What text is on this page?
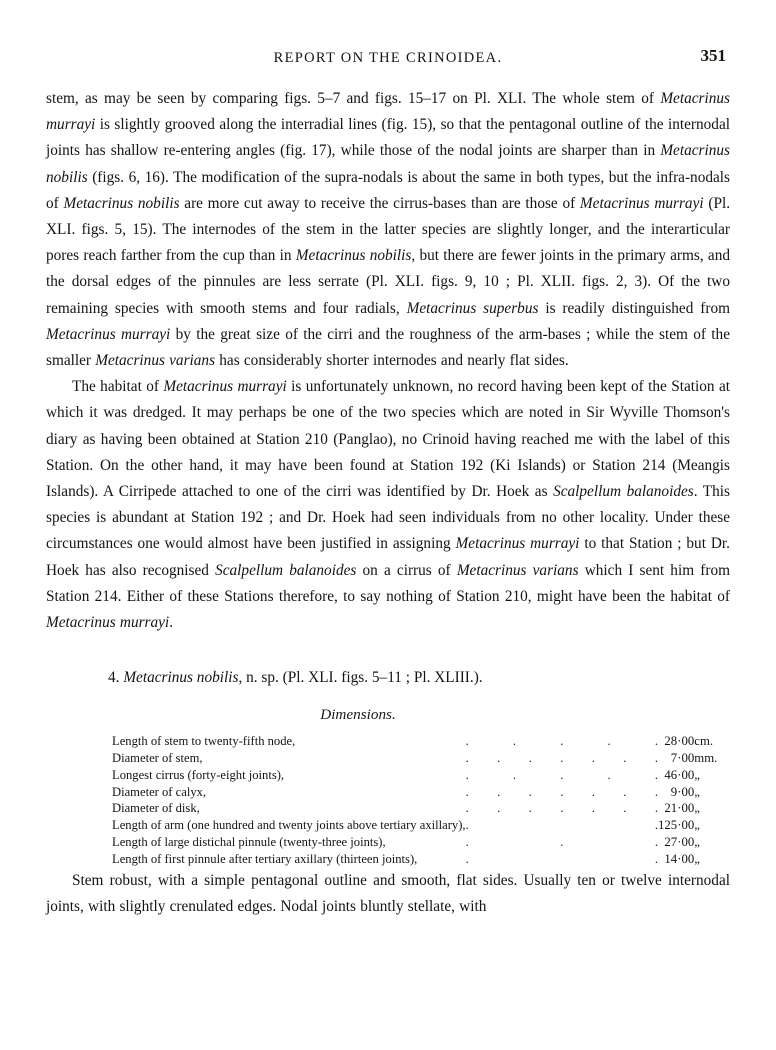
REPORT ON THE CRINOIDEA.	351

stem, as may be seen by comparing figs. 5–7 and figs. 15–17 on Pl. XLI. The whole stem of Metacrinus murrayi is slightly grooved along the interradial lines (fig. 15), so that the pentagonal outline of the internodal joints has shallow re-entering angles (fig. 17), while those of the nodal joints are sharper than in Metacrinus nobilis (figs. 6, 16). The modification of the supra-nodals is about the same in both types, but the infra-nodals of Metacrinus nobilis are more cut away to receive the cirrus-bases than are those of Metacrinus murrayi (Pl. XLI. figs. 5, 15). The internodes of the stem in the latter species are slightly longer, and the interarticular pores reach farther from the cup than in Metacrinus nobilis, but there are fewer joints in the primary arms, and the dorsal edges of the pinnules are less serrate (Pl. XLI. figs. 9, 10 ; Pl. XLII. figs. 2, 3). Of the two remaining species with smooth stems and four radials, Metacrinus superbus is readily distinguished from Metacrinus murrayi by the great size of the cirri and the roughness of the arm-bases ; while the stem of the smaller Metacrinus varians has considerably shorter internodes and nearly flat sides.

The habitat of Metacrinus murrayi is unfortunately unknown, no record having been kept of the Station at which it was dredged. It may perhaps be one of the two species which are noted in Sir Wyville Thomson's diary as having been obtained at Station 210 (Panglao), no Crinoid having reached me with the label of this Station. On the other hand, it may have been found at Station 192 (Ki Islands) or Station 214 (Meangis Islands). A Cirripede attached to one of the cirri was identified by Dr. Hoek as Scalpellum balanoides. This species is abundant at Station 192 ; and Dr. Hoek had seen individuals from no other locality. Under these circumstances one would almost have been justified in assigning Metacrinus murrayi to that Station ; but Dr. Hoek has also recognised Scalpellum balanoides on a cirrus of Metacrinus varians which I sent him from Station 214. Either of these Stations therefore, to say nothing of Station 210, might have been the habitat of Metacrinus murrayi.

4. Metacrinus nobilis, n. sp. (Pl. XLI. figs. 5–11 ; Pl. XLIII.).
Dimensions.
Length of stem to twenty-fifth node,	. . . . .	28·00	cm.
Diameter of stem,	. . . . . . .	7·00	mm.
Longest cirrus (forty-eight joints),	. . . . .	46·00	„
Diameter of calyx,	. . . . . . .	9·00	„
Diameter of disk,	. . . . . . .	21·00	„
Length of arm (one hundred and twenty joints above tertiary axillary),	. .	125·00	„
Length of large distichal pinnule (twenty-three joints),	. . .	27·00	„
Length of first pinnule after tertiary axillary (thirteen joints),	. .	14·00	„

Stem robust, with a simple pentagonal outline and smooth, flat sides. Usually ten or twelve internodal joints, with slightly crenulated edges. Nodal joints bluntly stellate, with
